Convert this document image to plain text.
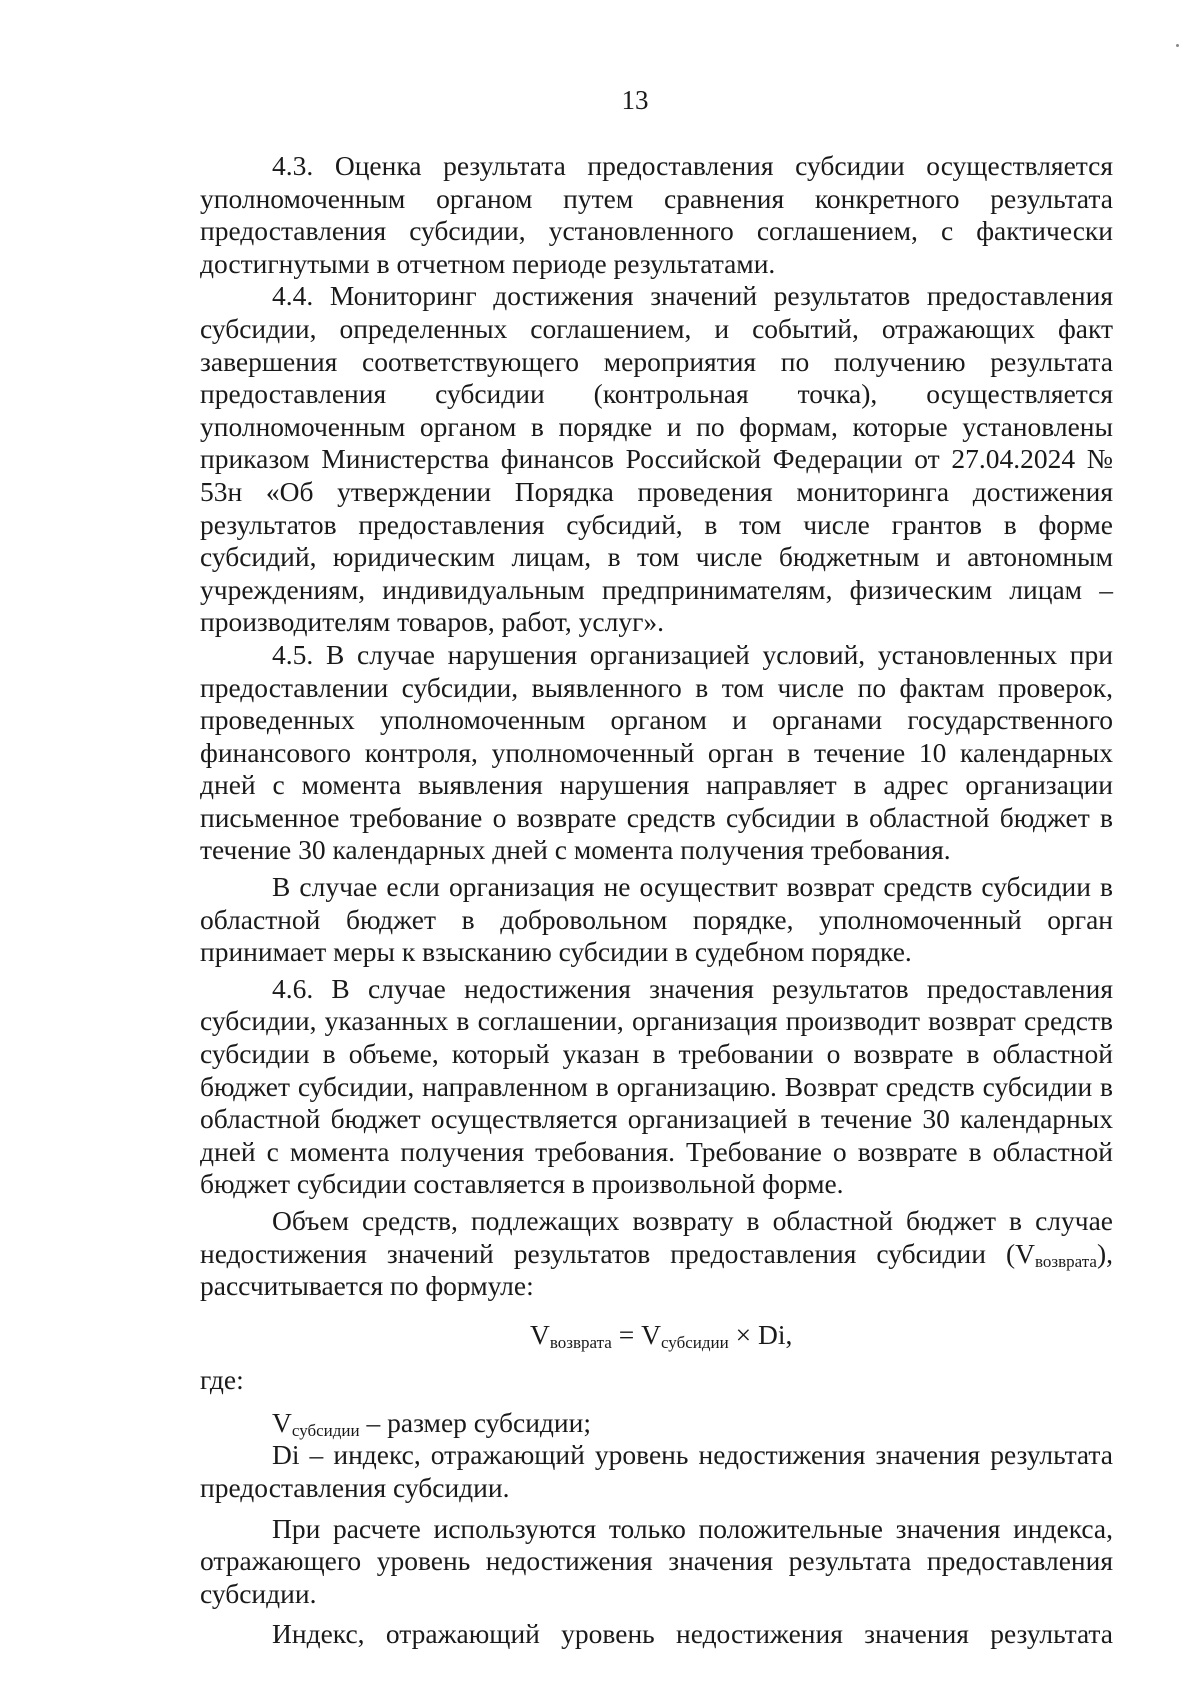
13

4.3. Оценка результата предоставления субсидии осуществляется уполномоченным органом путем сравнения конкретного результата предоставления субсидии, установленного соглашением, с фактически достигнутыми в отчетном периоде результатами.

4.4. Мониторинг достижения значений результатов предоставления субсидии, определенных соглашением, и событий, отражающих факт завершения соответствующего мероприятия по получению результата предоставления субсидии (контрольная точка), осуществляется уполномоченным органом в порядке и по формам, которые установлены приказом Министерства финансов Российской Федерации от 27.04.2024 № 53н «Об утверждении Порядка проведения мониторинга достижения результатов предоставления субсидий, в том числе грантов в форме субсидий, юридическим лицам, в том числе бюджетным и автономным учреждениям, индивидуальным предпринимателям, физическим лицам – производителям товаров, работ, услуг».

4.5. В случае нарушения организацией условий, установленных при предоставлении субсидии, выявленного в том числе по фактам проверок, проведенных уполномоченным органом и органами государственного финансового контроля, уполномоченный орган в течение 10 календарных дней с момента выявления нарушения направляет в адрес организации письменное требование о возврате средств субсидии в областной бюджет в течение 30 календарных дней с момента получения требования.

В случае если организация не осуществит возврат средств субсидии в областной бюджет в добровольном порядке, уполномоченный орган принимает меры к взысканию субсидии в судебном порядке.

4.6. В случае недостижения значения результатов предоставления субсидии, указанных в соглашении, организация производит возврат средств субсидии в объеме, который указан в требовании о возврате в областной бюджет субсидии, направленном в организацию. Возврат средств субсидии в областной бюджет осуществляется организацией в течение 30 календарных дней с момента получения требования. Требование о возврате в областной бюджет субсидии составляется в произвольной форме.

Объем средств, подлежащих возврату в областной бюджет в случае недостижения значений результатов предоставления субсидии $(V_{возврата})$, рассчитывается по формуле:

$V_{возврата} = V_{субсидии} \times Di$,

где:

$V_{субсидии}$ – размер субсидии;

Di – индекс, отражающий уровень недостижения значения результата предоставления субсидии.

При расчете используются только положительные значения индекса, отражающего уровень недостижения значения результата предоставления субсидии.

Индекс, отражающий уровень недостижения значения результата
